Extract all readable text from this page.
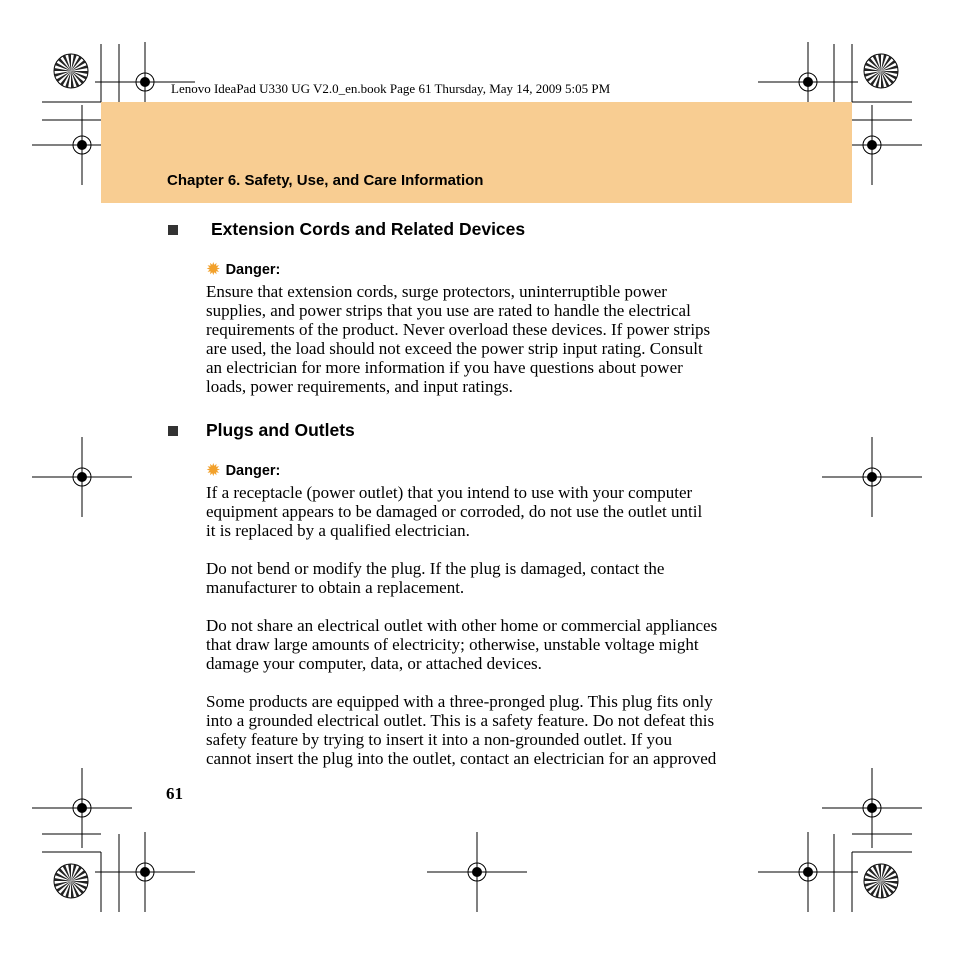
Lenovo IdeaPad U330 UG V2.0_en.book Page 61 Thursday, May 14, 2009 5:05 PM
Chapter 6. Safety, Use, and Care Information
Extension Cords and Related Devices
✹ Danger:

Ensure that extension cords, surge protectors, uninterruptible power
supplies, and power strips that you use are rated to handle the electrical
requirements of the product. Never overload these devices. If power strips
are used, the load should not exceed the power strip input rating. Consult
an electrician for more information if you have questions about power
loads, power requirements, and input ratings.

Plugs and Outlets
✹ Danger:

If a receptacle (power outlet) that you intend to use with your computer
equipment appears to be damaged or corroded, do not use the outlet until
it is replaced by a qualified electrician.

Do not bend or modify the plug. If the plug is damaged, contact the
manufacturer to obtain a replacement.

Do not share an electrical outlet with other home or commercial appliances
that draw large amounts of electricity; otherwise, unstable voltage might
damage your computer, data, or attached devices.

Some products are equipped with a three-pronged plug. This plug fits only
into a grounded electrical outlet. This is a safety feature. Do not defeat this
safety feature by trying to insert it into a non-grounded outlet. If you
cannot insert the plug into the outlet, contact an electrician for an approved

61
